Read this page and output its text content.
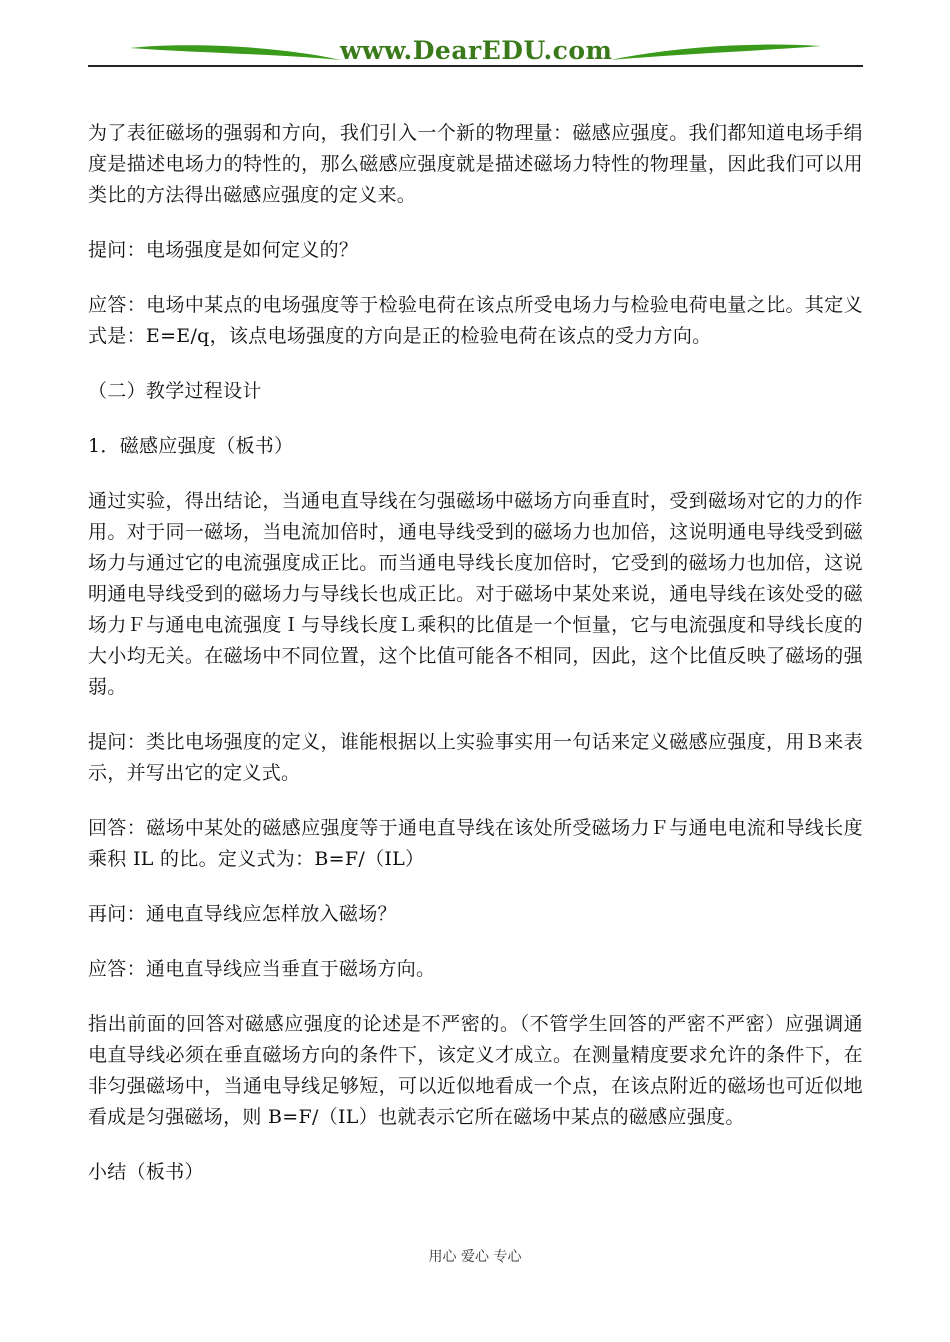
www.DearEDU.com

为了表征磁场的强弱和方向，我们引入一个新的物理量：磁感应强度。我们都知道电场手绢 度是描述电场力的特性的，那么磁感应强度就是描述磁场力特性的物理量，因此我们可以用类比的方法得出磁感应强度的定义来。

提问：电场强度是如何定义的？

应答：电场中某点的电场强度等于检验电荷在该点所受电场力与检验电荷电量之比。其定义式是：E=E/q，该点电场强度的方向是正的检验电荷在该点的受力方向。

（二）教学过程设计

1．磁感应强度（板书）

通过实验，得出结论，当通电直导线在匀强磁场中磁场方向垂直时，受到磁场对它的力的作用。对于同一磁场，当电流加倍时，通电导线受到的磁场力也加倍，这说明通电导线受到磁场力与通过它的电流强度成正比。而当通电导线长度加倍时，它受到的磁场力也加倍，这说明通电导线受到的磁场力与导线长也成正比。对于磁场中某处来说，通电导线在该处受的磁场力Ｆ与通电电流强度Ｉ与导线长度Ｌ乘积的比值是一个恒量，它与电流强度和导线长度的大小均无关。在磁场中不同位置，这个比值可能各不相同，因此，这个比值反映了磁场的强弱。

提问：类比电场强度的定义，谁能根据以上实验事实用一句话来定义磁感应强度，用Ｂ来表示，并写出它的定义式。

回答：磁场中某处的磁感应强度等于通电直导线在该处所受磁场力Ｆ与通电电流和导线长度乘积 IL 的比。定义式为：B=F/（IL）

再问：通电直导线应怎样放入磁场？

应答：通电直导线应当垂直于磁场方向。

指出前面的回答对磁感应强度的论述是不严密的。（不管学生回答的严密不严密）应强调通电直导线必须在垂直磁场方向的条件下，该定义才成立。在测量精度要求允许的条件下，在非匀强磁场中，当通电导线足够短，可以近似地看成一个点，在该点附近的磁场也可近似地看成是匀强磁场，则 B=F/（IL）也就表示它所在磁场中某点的磁感应强度。

小结（板书）

用心 爱心 专心
